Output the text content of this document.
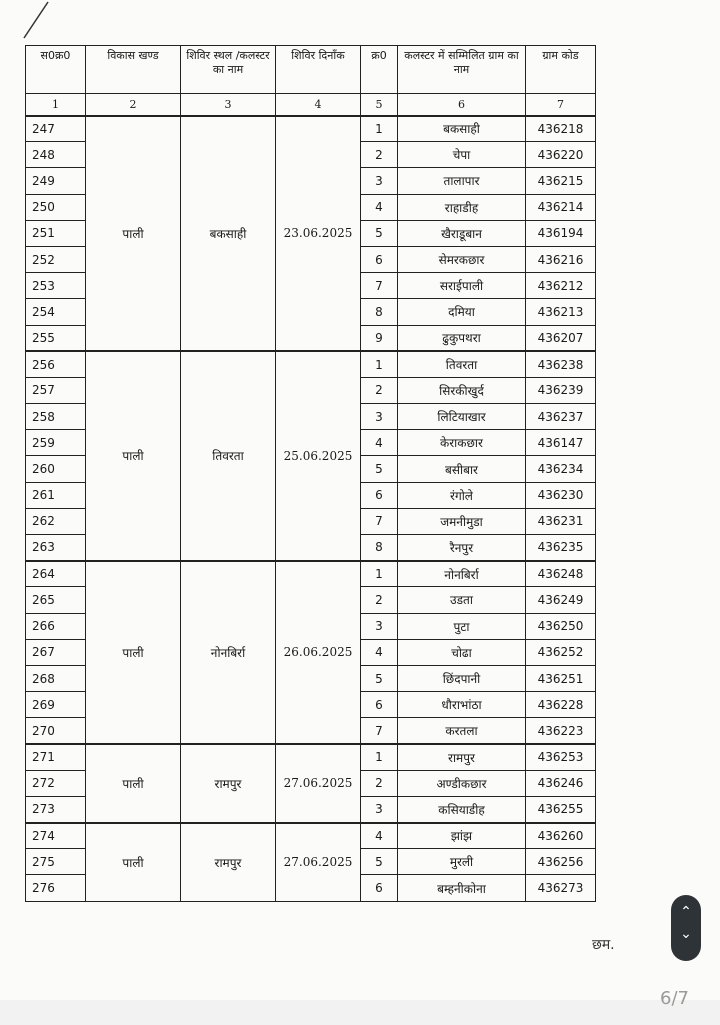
स0क्र0	विकास खण्ड	शिविर स्थल /कलस्टर का नाम	शिविर दिनाँक	क्र0	कलस्टर में सम्मिलित ग्राम का नाम	ग्राम कोड
1	2	3	4	5	6	7
247	पाली	बकसाही	23.06.2025	1	बकसाही	436218
248				2	चेपा	436220
249				3	तालापार	436215
250				4	राहाडीह	436214
251				5	खैराडूबान	436194
252				6	सेमरकछार	436216
253				7	सराईपाली	436212
254				8	दमिया	436213
255				9	ढुकुपथरा	436207
256	पाली	तिवरता	25.06.2025	1	तिवरता	436238
257				2	सिरकीखुर्द	436239
258				3	लिटियाखार	436237
259				4	केराकछार	436147
260				5	बसीबार	436234
261				6	रंगोले	436230
262				7	जमनीमुडा	436231
263				8	रैनपुर	436235
264	पाली	नोनबिर्रा	26.06.2025	1	नोनबिर्रा	436248
265				2	उडता	436249
266				3	पुटा	436250
267				4	चोढा	436252
268				5	छिंदपानी	436251
269				6	धौराभांठा	436228
270				7	करतला	436223
271	पाली	रामपुर	27.06.2025	1	रामपुर	436253
272				2	अण्डीकछार	436246
273				3	कसियाडीह	436255
274	पाली	रामपुर	27.06.2025	4	झांझ	436260
275				5	मुरली	436256
276				6	बम्हनीकोना	436273
छम.
6/7
⌃
⌄
